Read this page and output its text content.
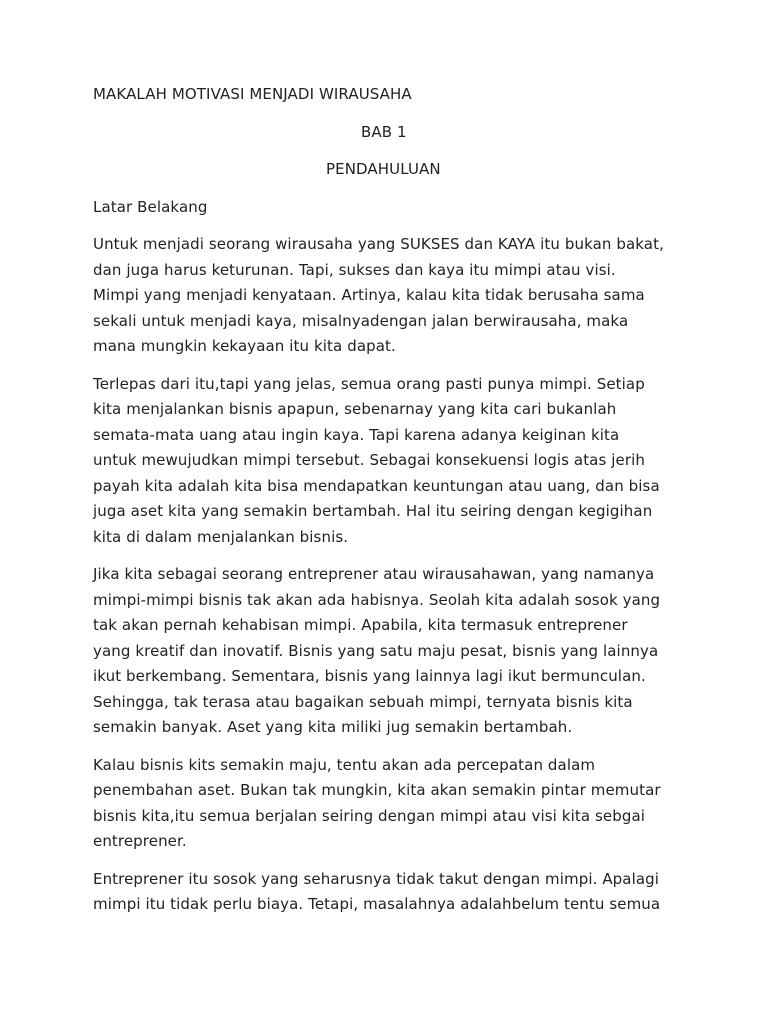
MAKALAH MOTIVASI MENJADI WIRAUSAHA
BAB 1
PENDAHULUAN
Latar Belakang
Untuk menjadi seorang wirausaha yang SUKSES dan KAYA itu bukan bakat,
dan juga harus keturunan. Tapi, sukses dan kaya itu mimpi atau visi.
Mimpi yang menjadi kenyataan. Artinya, kalau kita tidak berusaha sama
sekali untuk menjadi kaya, misalnyadengan jalan berwirausaha, maka
mana mungkin kekayaan itu kita dapat.
Terlepas dari itu,tapi yang jelas, semua orang pasti punya mimpi. Setiap
kita menjalankan bisnis apapun, sebenarnay yang kita cari bukanlah
semata-mata uang atau ingin kaya. Tapi karena adanya keiginan kita
untuk mewujudkan mimpi tersebut. Sebagai konsekuensi logis atas jerih
payah kita adalah kita bisa mendapatkan keuntungan atau uang, dan bisa
juga aset kita yang semakin bertambah. Hal itu seiring dengan kegigihan
kita di dalam menjalankan bisnis.
Jika kita sebagai seorang entreprener atau wirausahawan, yang namanya
mimpi-mimpi bisnis tak akan ada habisnya. Seolah kita adalah sosok yang
tak akan pernah kehabisan mimpi. Apabila, kita termasuk entreprener
yang kreatif dan inovatif. Bisnis yang satu maju pesat, bisnis yang lainnya
ikut berkembang. Sementara, bisnis yang lainnya lagi ikut bermunculan.
Sehingga, tak terasa atau bagaikan sebuah mimpi, ternyata bisnis kita
semakin banyak. Aset yang kita miliki jug semakin bertambah.
Kalau bisnis kits semakin maju, tentu akan ada percepatan dalam
penembahan aset. Bukan tak mungkin, kita akan semakin pintar memutar
bisnis kita,itu semua berjalan seiring dengan mimpi atau visi kita sebgai
entreprener.
Entreprener itu sosok yang seharusnya tidak takut dengan mimpi. Apalagi
mimpi itu tidak perlu biaya. Tetapi, masalahnya adalahbelum tentu semua
